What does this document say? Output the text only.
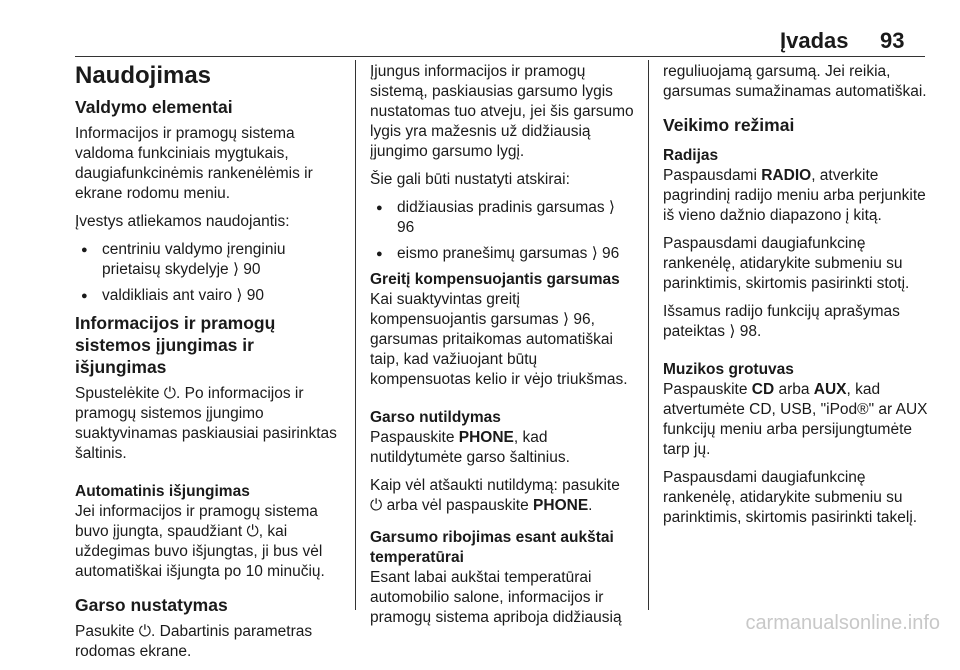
Įvadas 93
Naudojimas
Valdymo elementai

Informacijos ir pramogų sistema valdoma funkciniais mygtukais, daugiafunkcinėmis rankenėlėmis ir ekrane rodomu meniu.

Įvestys atliekamos naudojantis:

● centriniu valdymo įrenginiu prietaisų skydelyje ⟩ 90
● valdikliais ant vairo ⟩ 90
Informacijos ir pramogų sistemos įjungimas ir išjungimas

Spustelėkite ⏻. Po informacijos ir pramogų sistemos įjungimo suaktyvinamas paskiausiai pasirinktas šaltinis.

Automatinis išjungimas

Jei informacijos ir pramogų sistema buvo įjungta, spaudžiant ⏻, kai uždegimas buvo išjungtas, ji bus vėl automatiškai išjungta po 10 minučių.

Garso nustatymas

Pasukite ⏻. Dabartinis parametras rodomas ekrane.

Įjungus informacijos ir pramogų sistemą, paskiausias garsumo lygis nustatomas tuo atveju, jei šis garsumo lygis yra mažesnis už didžiausią įjungimo garsumo lygį.

Šie gali būti nustatyti atskirai:

● didžiausias pradinis garsumas ⟩ 96
● eismo pranešimų garsumas ⟩ 96
Greitį kompensuojantis garsumas

Kai suaktyvintas greitį kompensuojantis garsumas ⟩ 96, garsumas pritaikomas automatiškai taip, kad važiuojant būtų kompensuotas kelio ir vėjo triukšmas.

Garso nutildymas

Paspauskite PHONE, kad nutildytumėte garso šaltinius.

Kaip vėl atšaukti nutildymą: pasukite ⏻ arba vėl paspauskite PHONE.

Garsumo ribojimas esant aukštai temperatūrai

Esant labai aukštai temperatūrai automobilio salone, informacijos ir pramogų sistema apriboja didžiausią

reguliuojamą garsumą. Jei reikia, garsumas sumažinamas automatiškai.

Veikimo režimai
Radijas

Paspausdami RADIO, atverkite pagrindinį radijo meniu arba perjunkite iš vieno dažnio diapazono į kitą.

Paspausdami daugiafunkcinę rankenėlę, atidarykite submeniu su parinktimis, skirtomis pasirinkti stotį.

Išsamus radijo funkcijų aprašymas pateiktas ⟩ 98.

Muzikos grotuvas

Paspauskite CD arba AUX, kad atvertumėte CD, USB, "iPod®" ar AUX funkcijų meniu arba persijungtumėte tarp jų.

Paspausdami daugiafunkcinę rankenėlę, atidarykite submeniu su parinktimis, skirtomis pasirinkti takelį.

carmanualsonline.info
